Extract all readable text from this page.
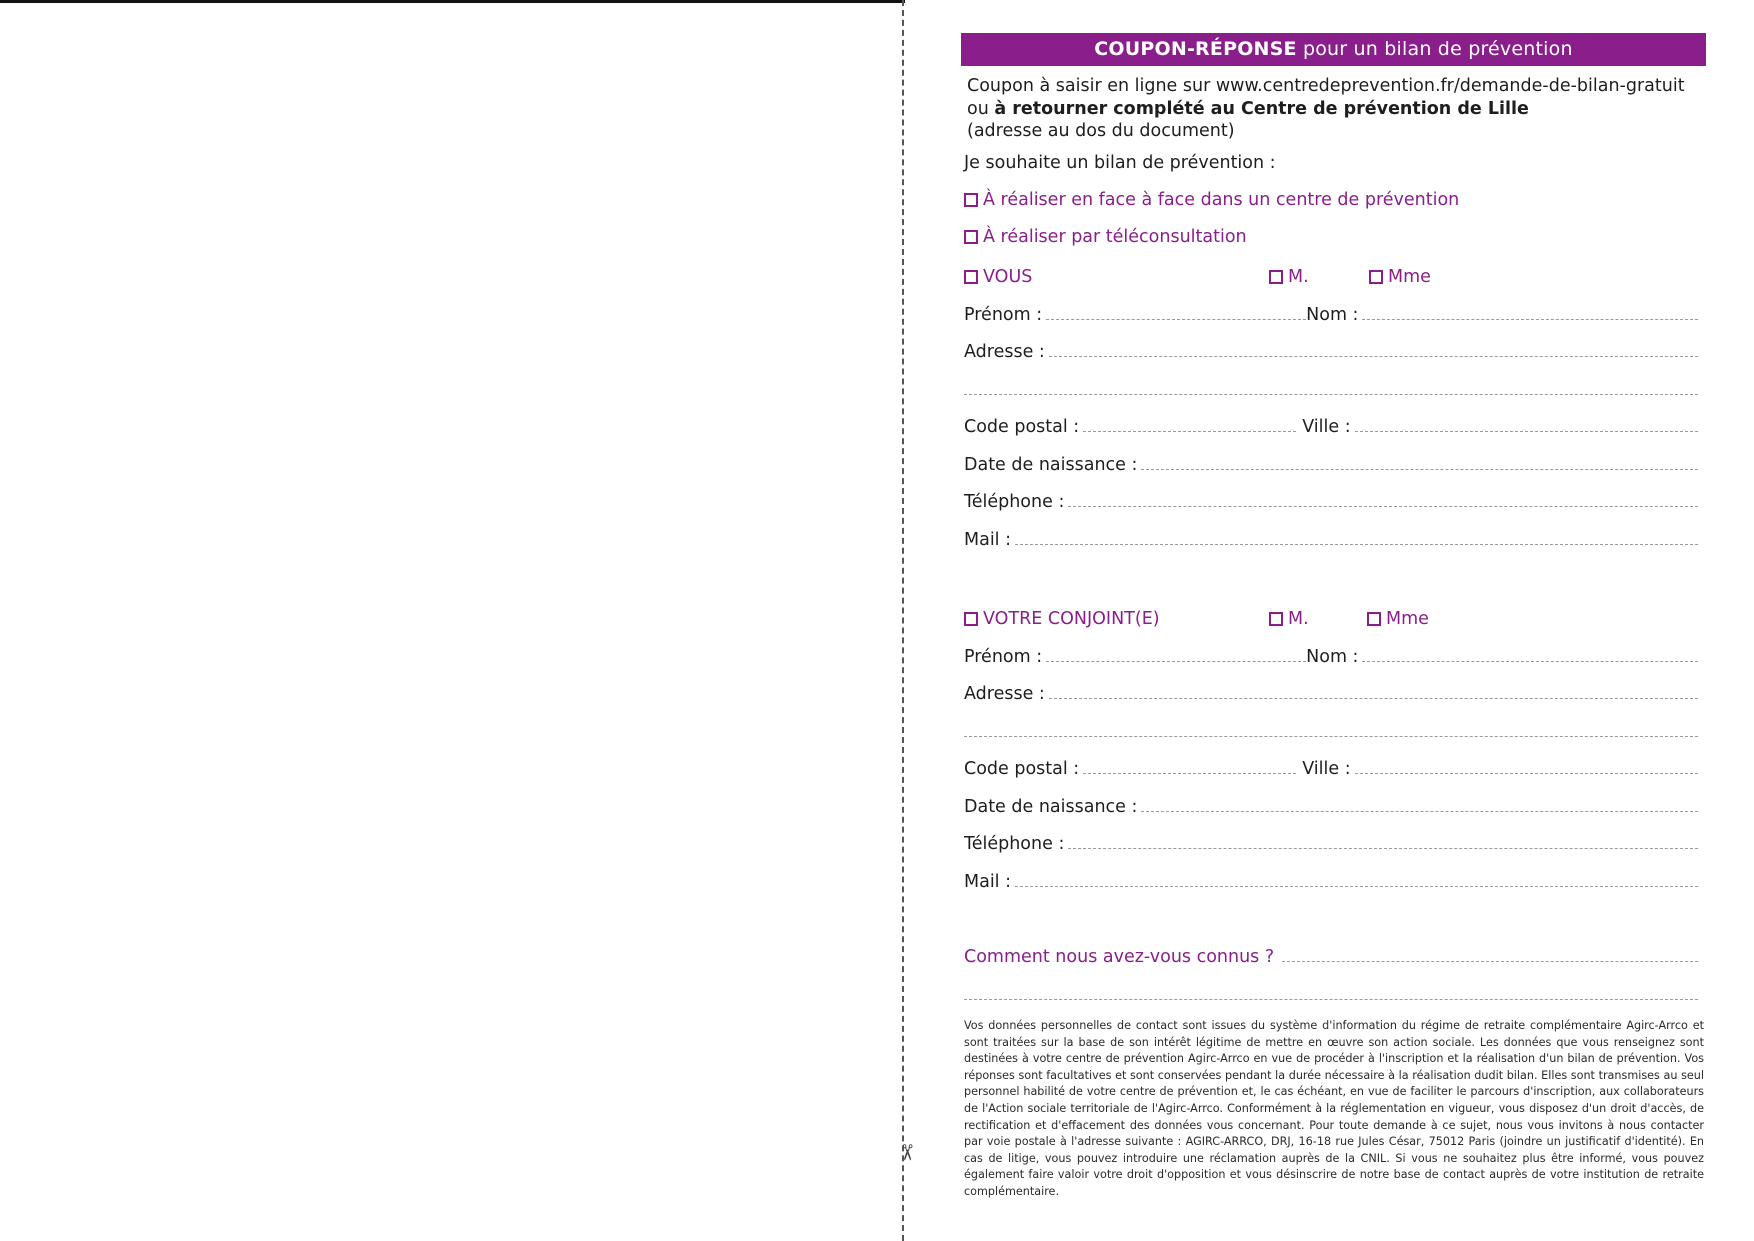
✂
COUPON-RÉPONSE pour un bilan de prévention
Coupon à saisir en ligne sur www.centredeprevention.fr/demande-de-bilan-gratuit
ou à retourner complété au Centre de prévention de Lille
(adresse au dos du document)
Je souhaite un bilan de prévention :
À réaliser en face à face dans un centre de prévention
À réaliser par téléconsultation
VOUS	M.	Mme
Prénom :	Nom :
Adresse :
Code postal :	Ville :
Date de naissance :
Téléphone :
Mail :
VOTRE CONJOINT(E)	M.	Mme
Prénom :	Nom :
Adresse :
Code postal :	Ville :
Date de naissance :
Téléphone :
Mail :
Comment nous avez-vous connus ?
Vos données personnelles de contact sont issues du système d'information du régime de retraite complémentaire Agirc-Arrco et sont traitées sur la base de son intérêt légitime de mettre en œuvre son action sociale. Les données que vous renseignez sont destinées à votre centre de prévention Agirc-Arrco en vue de procéder à l'inscription et la réalisation d'un bilan de prévention. Vos réponses sont facultatives et sont conservées pendant la durée nécessaire à la réalisation dudit bilan. Elles sont transmises au seul personnel habilité de votre centre de prévention et, le cas échéant, en vue de faciliter le parcours d'inscription, aux collaborateurs de l'Action sociale territoriale de l'Agirc-Arrco. Conformément à la réglementation en vigueur, vous disposez d'un droit d'accès, de rectification et d'effacement des données vous concernant. Pour toute demande à ce sujet, nous vous invitons à nous contacter par voie postale à l'adresse suivante : AGIRC-ARRCO, DRJ, 16-18 rue Jules César, 75012 Paris (joindre un justificatif d'identité). En cas de litige, vous pouvez introduire une réclamation auprès de la CNIL. Si vous ne souhaitez plus être informé, vous pouvez également faire valoir votre droit d'opposition et vous désinscrire de notre base de contact auprès de votre institution de retraite complémentaire.
